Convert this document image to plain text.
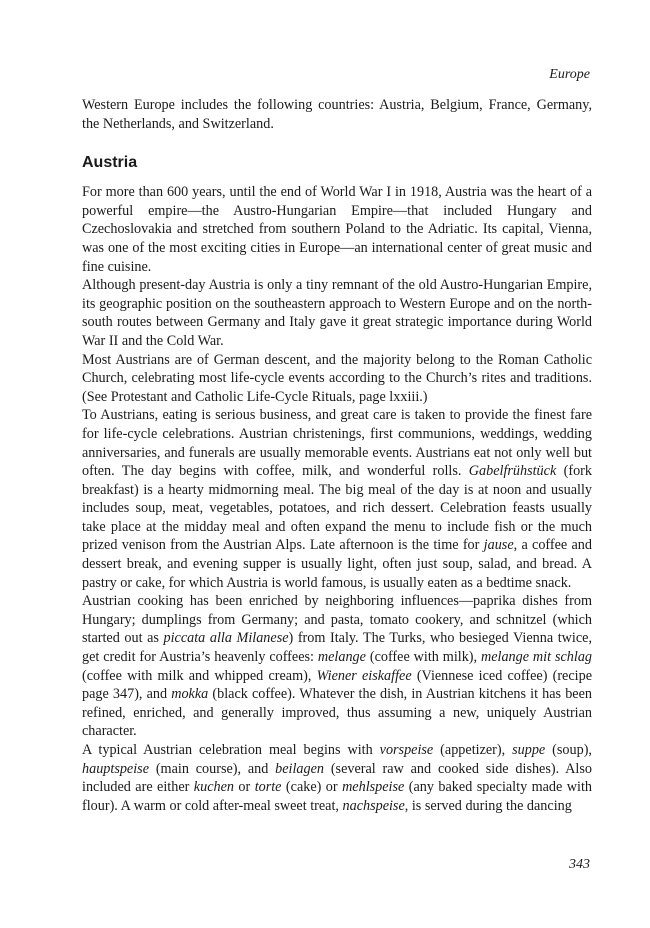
Europe

Western Europe includes the following countries: Austria, Belgium, France, Germany, the Netherlands, and Switzerland.

Austria

For more than 600 years, until the end of World War I in 1918, Austria was the heart of a powerful empire—the Austro-Hungarian Empire—that included Hungary and Czechoslovakia and stretched from southern Poland to the Adriatic. Its capital, Vienna, was one of the most exciting cities in Europe—an international center of great music and fine cuisine.

Although present-day Austria is only a tiny remnant of the old Austro-Hungarian Empire, its geographic position on the southeastern approach to Western Europe and on the north-south routes between Germany and Italy gave it great strategic importance during World War II and the Cold War.

Most Austrians are of German descent, and the majority belong to the Roman Catholic Church, celebrating most life-cycle events according to the Church’s rites and traditions. (See Protestant and Catholic Life-Cycle Rituals, page lxxiii.)

To Austrians, eating is serious business, and great care is taken to provide the finest fare for life-cycle celebrations. Austrian christenings, first communions, weddings, wedding anniversaries, and funerals are usually memorable events. Austrians eat not only well but often. The day begins with coffee, milk, and wonderful rolls. Gabelfrühstück (fork breakfast) is a hearty midmorning meal. The big meal of the day is at noon and usually includes soup, meat, vegetables, potatoes, and rich dessert. Celebration feasts usually take place at the midday meal and often expand the menu to include fish or the much prized venison from the Austrian Alps. Late afternoon is the time for jause, a coffee and dessert break, and evening supper is usually light, often just soup, salad, and bread. A pastry or cake, for which Austria is world famous, is usually eaten as a bedtime snack.

Austrian cooking has been enriched by neighboring influences—paprika dishes from Hungary; dumplings from Germany; and pasta, tomato cookery, and schnitzel (which started out as piccata alla Milanese) from Italy. The Turks, who besieged Vienna twice, get credit for Austria’s heavenly coffees: melange (coffee with milk), melange mit schlag (coffee with milk and whipped cream), Wiener eiskaffee (Viennese iced coffee) (recipe page 347), and mokka (black coffee). Whatever the dish, in Austrian kitchens it has been refined, enriched, and generally improved, thus assuming a new, uniquely Austrian character.

A typical Austrian celebration meal begins with vorspeise (appetizer), suppe (soup), hauptspeise (main course), and beilagen (several raw and cooked side dishes). Also included are either kuchen or torte (cake) or mehlspeise (any baked specialty made with flour). A warm or cold after-meal sweet treat, nachspeise, is served during the dancing

343
